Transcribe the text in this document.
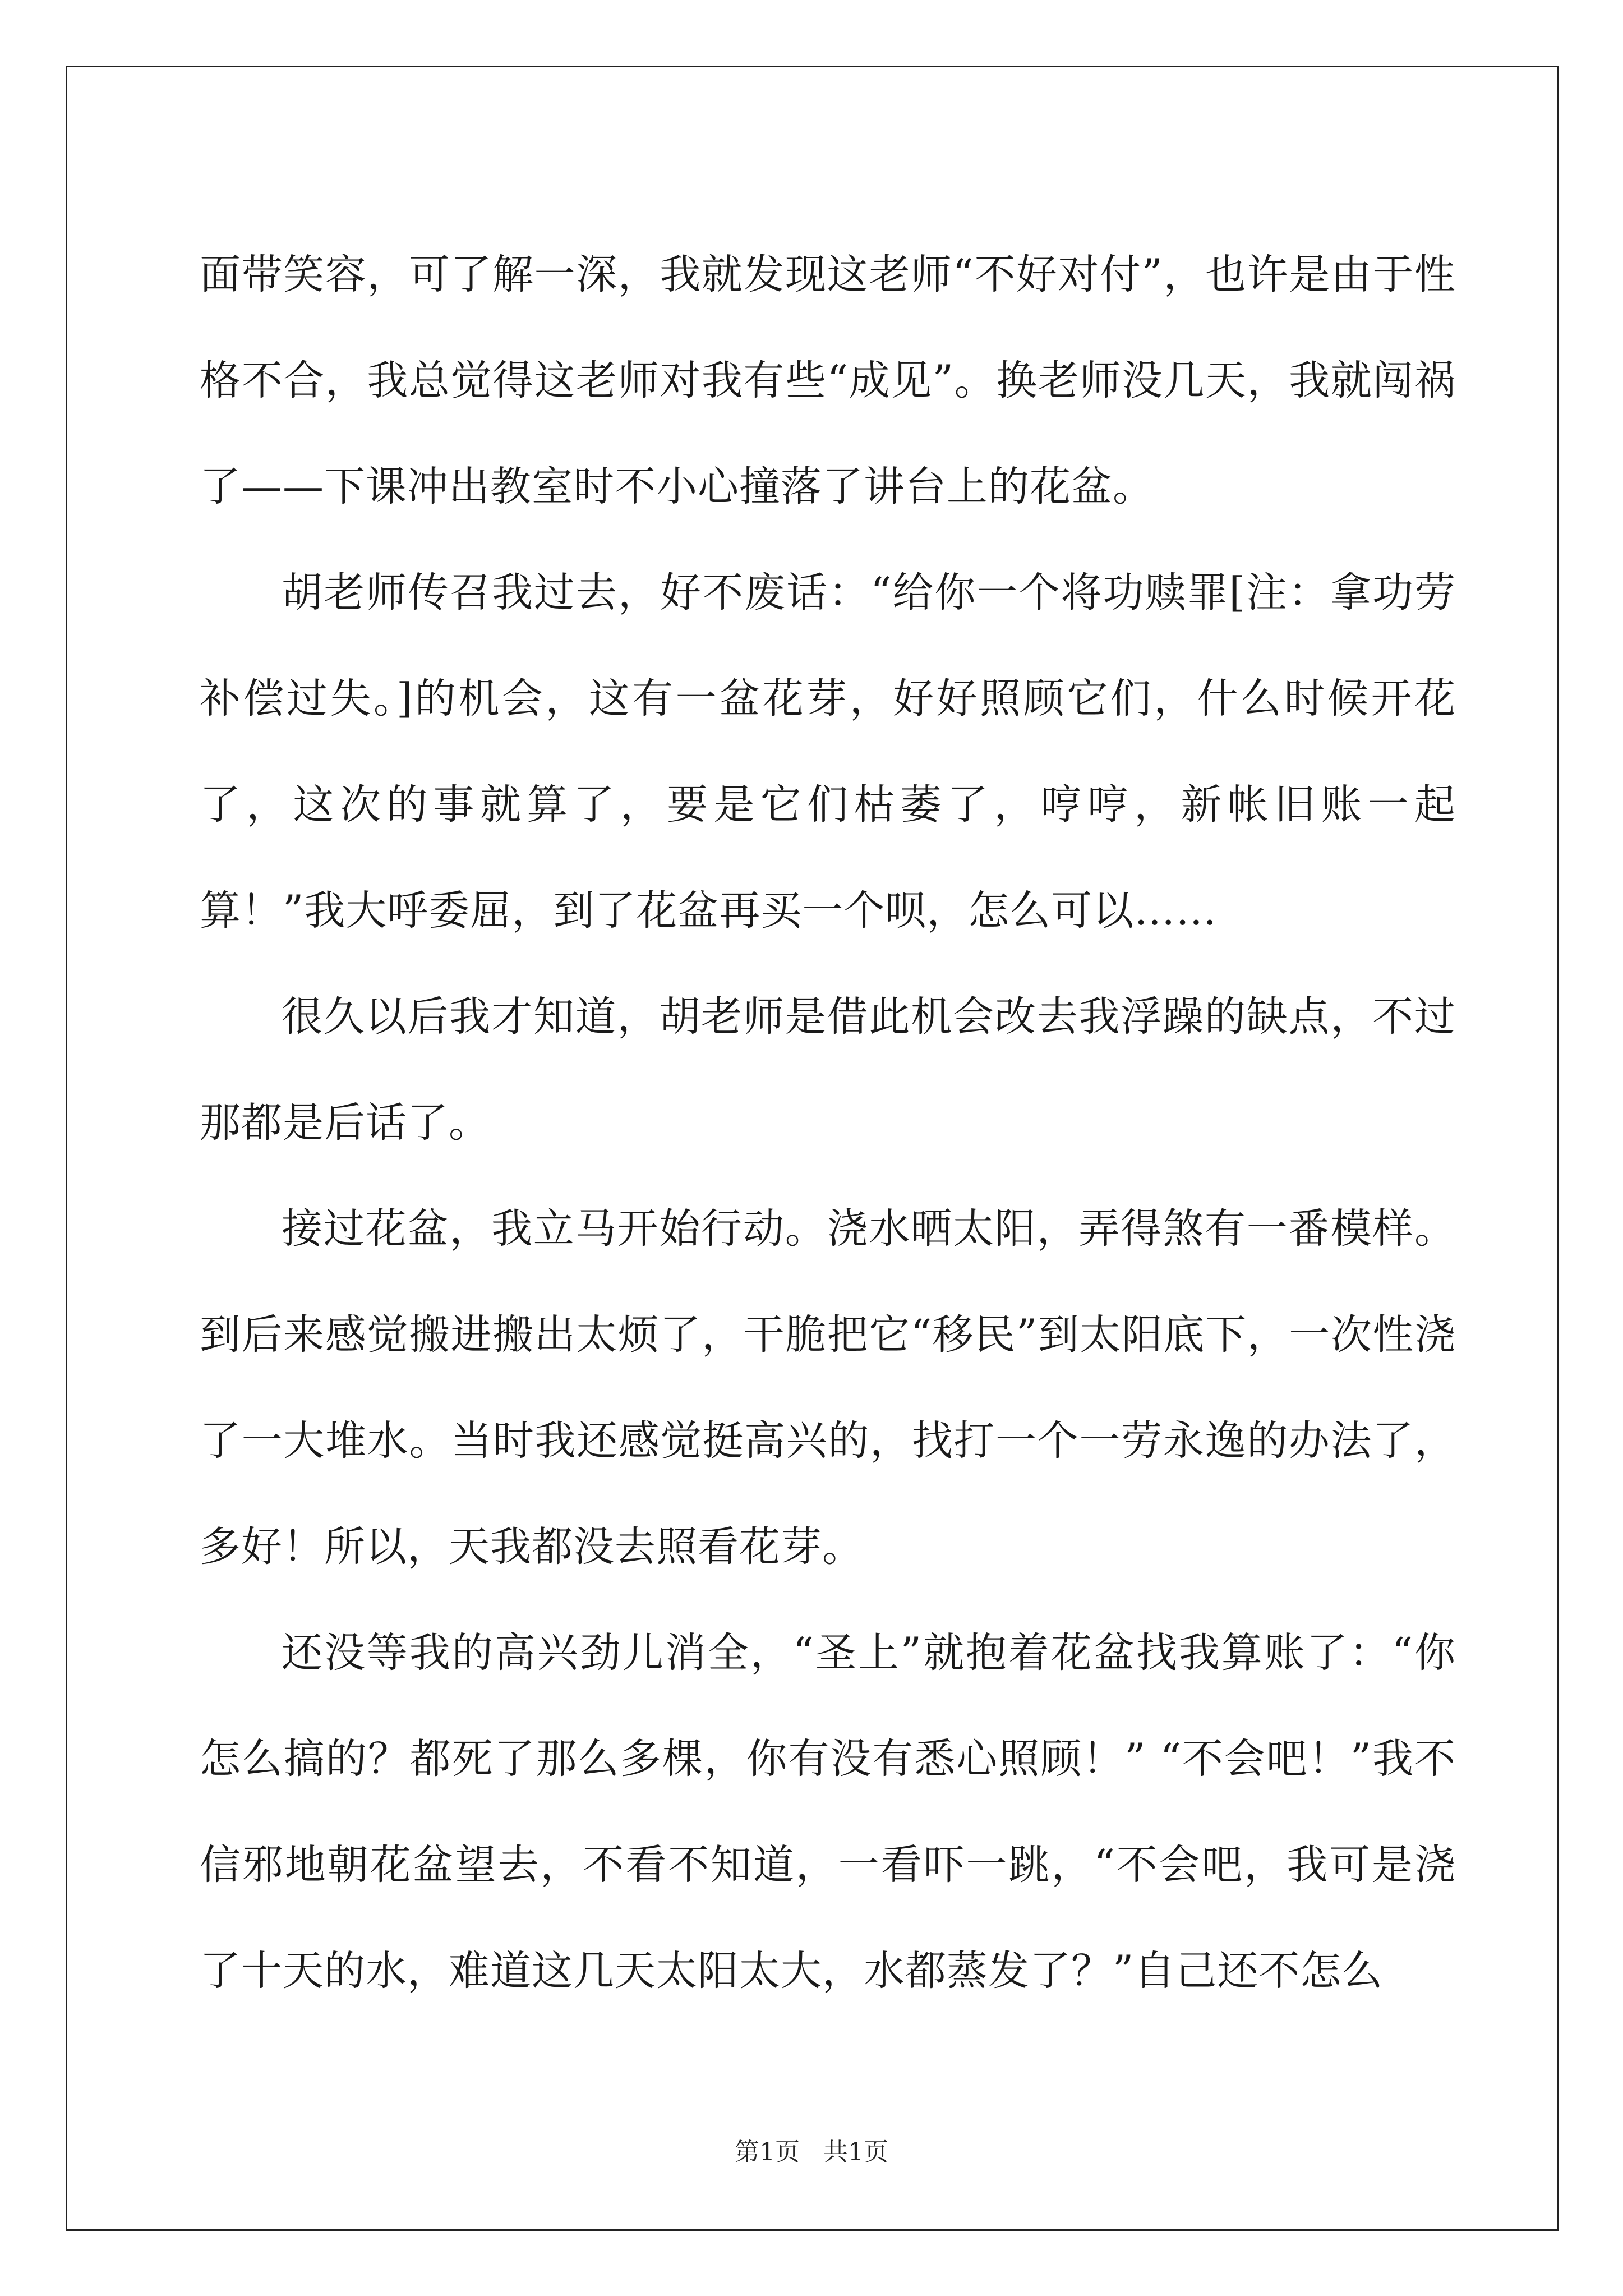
面带笑容，可了解一深，我就发现这老师“不好对付”，也许是由于性格不合，我总觉得这老师对我有些“成见”。换老师没几天，我就闯祸了——下课冲出教室时不小心撞落了讲台上的花盆。

胡老师传召我过去，好不废话：“给你一个将功赎罪[注：拿功劳补偿过失。]的机会，这有一盆花芽，好好照顾它们，什么时候开花了，这次的事就算了，要是它们枯萎了，哼哼，新帐旧账一起算！”我大呼委屈，到了花盆再买一个呗，怎么可以……

很久以后我才知道，胡老师是借此机会改去我浮躁的缺点，不过那都是后话了。

接过花盆，我立马开始行动。浇水晒太阳，弄得煞有一番模样。到后来感觉搬进搬出太烦了，干脆把它“移民”到太阳底下，一次性浇了一大堆水。当时我还感觉挺高兴的，找打一个一劳永逸的办法了，多好！所以，天我都没去照看花芽。

还没等我的高兴劲儿消全，“圣上”就抱着花盆找我算账了：“你怎么搞的？都死了那么多棵，你有没有悉心照顾！” “不会吧！”我不信邪地朝花盆望去，不看不知道，一看吓一跳，“不会吧，我可是浇了十天的水，难道这几天太阳太大，水都蒸发了？”自己还不怎么

第1页   共1页
